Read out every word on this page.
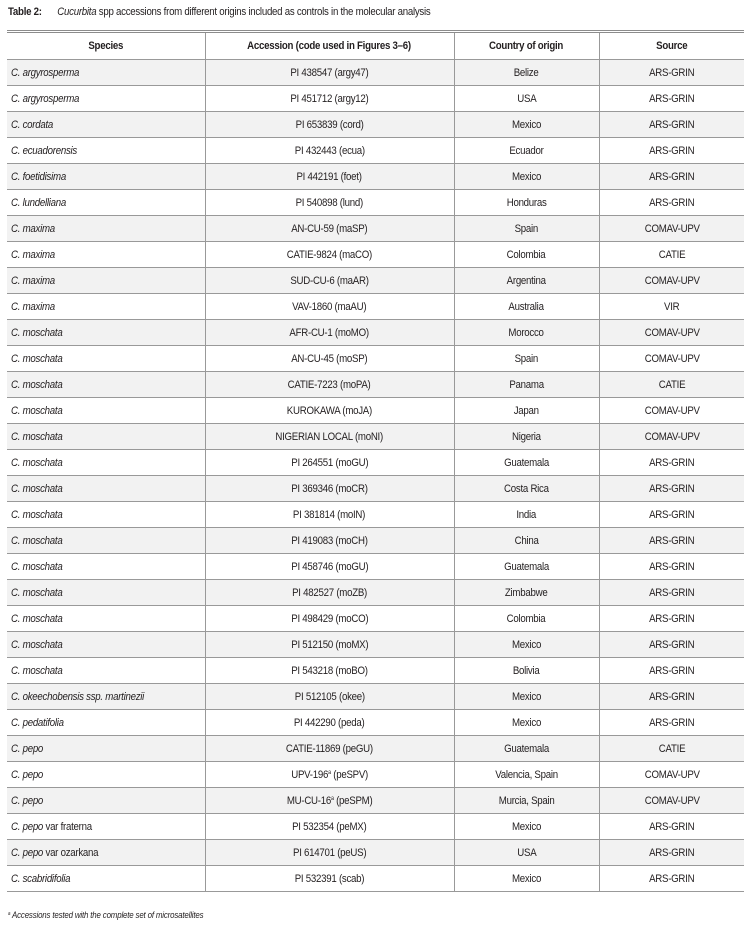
Table 2: Cucurbita spp accessions from different origins included as controls in the molecular analysis
Species	Accession (code used in Figures 3–6)	Country of origin	Source
C. argyrosperma	PI 438547 (argy47)	Belize	ARS-GRIN
C. argyrosperma	PI 451712 (argy12)	USA	ARS-GRIN
C. cordata	PI 653839 (cord)	Mexico	ARS-GRIN
C. ecuadorensis	PI 432443 (ecua)	Ecuador	ARS-GRIN
C. foetidisima	PI 442191 (foet)	Mexico	ARS-GRIN
C. lundelliana	PI 540898 (lund)	Honduras	ARS-GRIN
C. maxima	AN-CU-59 (maSP)	Spain	COMAV-UPV
C. maxima	CATIE-9824 (maCO)	Colombia	CATIE
C. maxima	SUD-CU-6 (maAR)	Argentina	COMAV-UPV
C. maxima	VAV-1860 (maAU)	Australia	VIR
C. moschata	AFR-CU-1 (moMO)	Morocco	COMAV-UPV
C. moschata	AN-CU-45 (moSP)	Spain	COMAV-UPV
C. moschata	CATIE-7223 (moPA)	Panama	CATIE
C. moschata	KUROKAWA (moJA)	Japan	COMAV-UPV
C. moschata	NIGERIAN LOCAL (moNI)	Nigeria	COMAV-UPV
C. moschata	PI 264551 (moGU)	Guatemala	ARS-GRIN
C. moschata	PI 369346 (moCR)	Costa Rica	ARS-GRIN
C. moschata	PI 381814 (moIN)	India	ARS-GRIN
C. moschata	PI 419083 (moCH)	China	ARS-GRIN
C. moschata	PI 458746 (moGU)	Guatemala	ARS-GRIN
C. moschata	PI 482527 (moZB)	Zimbabwe	ARS-GRIN
C. moschata	PI 498429 (moCO)	Colombia	ARS-GRIN
C. moschata	PI 512150 (moMX)	Mexico	ARS-GRIN
C. moschata	PI 543218 (moBO)	Bolivia	ARS-GRIN
C. okeechobensis ssp. martinezii	PI 512105 (okee)	Mexico	ARS-GRIN
C. pedatifolia	PI 442290 (peda)	Mexico	ARS-GRIN
C. pepo	CATIE-11869 (peGU)	Guatemala	CATIE
C. pepo	UPV-196$^a$ (peSPV)	Valencia, Spain	COMAV-UPV
C. pepo	MU-CU-16$^a$ (peSPM)	Murcia, Spain	COMAV-UPV
C. pepo var fraterna	PI 532354 (peMX)	Mexico	ARS-GRIN
C. pepo var ozarkana	PI 614701 (peUS)	USA	ARS-GRIN
C. scabridifolia	PI 532391 (scab)	Mexico	ARS-GRIN
$^a$ Accessions tested with the complete set of microsatellites
